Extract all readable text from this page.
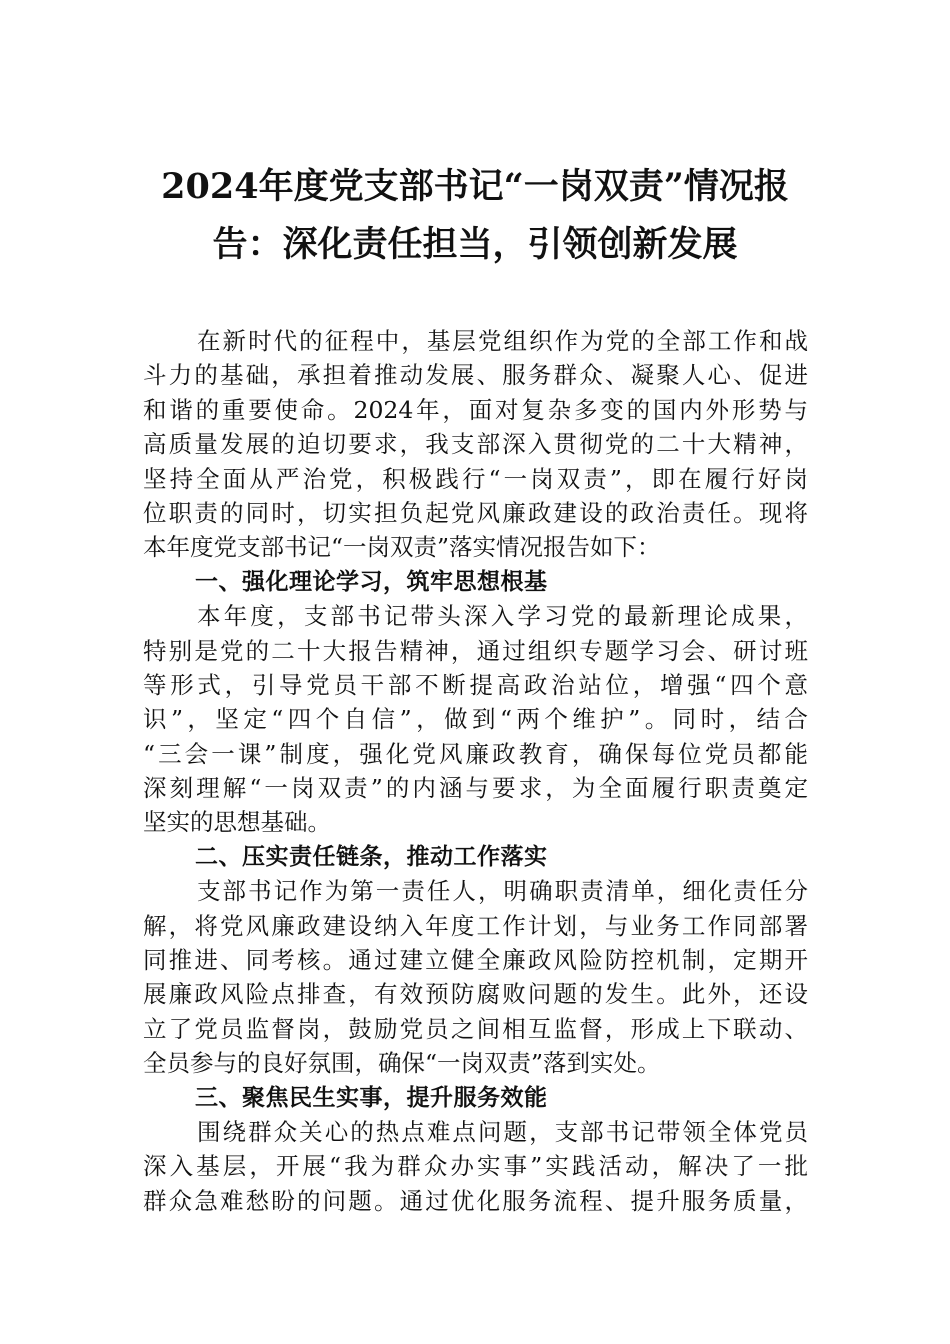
2024年度党支部书记“一岗双责”情况报
告：深化责任担当，引领创新发展
在新时代的征程中，基层党组织作为党的全部工作和战
斗力的基础，承担着推动发展、服务群众、凝聚人心、促进
和谐的重要使命。2024年，面对复杂多变的国内外形势与
高质量发展的迫切要求，我支部深入贯彻党的二十大精神，
坚持全面从严治党，积极践行“一岗双责”，即在履行好岗
位职责的同时，切实担负起党风廉政建设的政治责任。现将
本年度党支部书记“一岗双责”落实情况报告如下：
一、强化理论学习，筑牢思想根基
本年度，支部书记带头深入学习党的最新理论成果，
特别是党的二十大报告精神，通过组织专题学习会、研讨班
等形式，引导党员干部不断提高政治站位，增强“四个意
识”，坚定“四个自信”，做到“两个维护”。同时，结合
“三会一课”制度，强化党风廉政教育，确保每位党员都能
深刻理解“一岗双责”的内涵与要求，为全面履行职责奠定
坚实的思想基础。
二、压实责任链条，推动工作落实
支部书记作为第一责任人，明确职责清单，细化责任分
解，将党风廉政建设纳入年度工作计划，与业务工作同部署
同推进、同考核。通过建立健全廉政风险防控机制，定期开
展廉政风险点排查，有效预防腐败问题的发生。此外，还设
立了党员监督岗，鼓励党员之间相互监督，形成上下联动、
全员参与的良好氛围，确保“一岗双责”落到实处。
三、聚焦民生实事，提升服务效能
围绕群众关心的热点难点问题，支部书记带领全体党员
深入基层，开展“我为群众办实事”实践活动，解决了一批
群众急难愁盼的问题。通过优化服务流程、提升服务质量，
